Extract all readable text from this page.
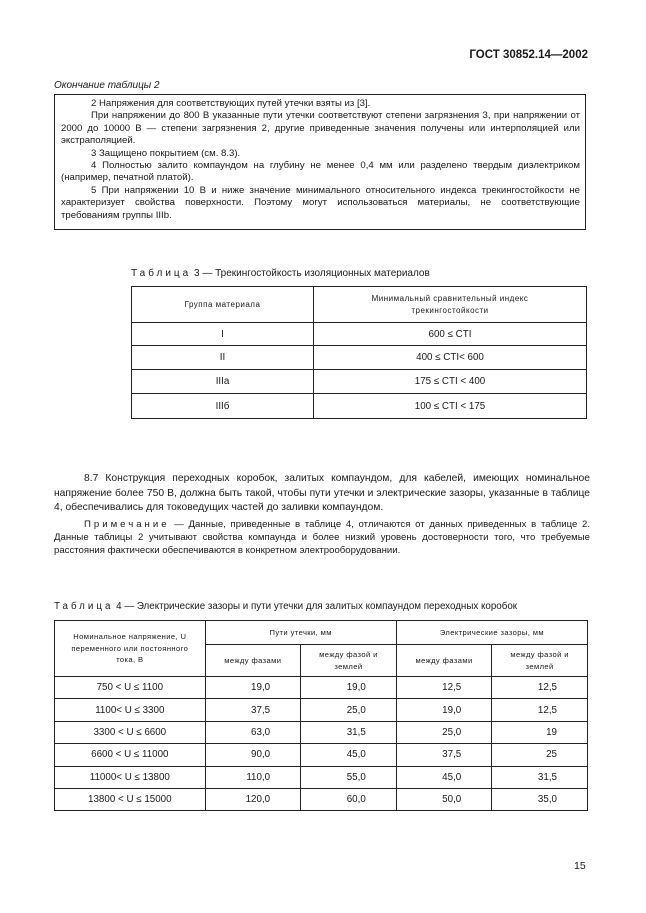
ГОСТ 30852.14—2002
Окончание таблицы 2

2 Напряжения для соответствующих путей утечки взяты из [3].

При напряжении до 800 В указанные пути утечки соответствуют степени загрязнения 3, при напряжении от 2000 до 10000 В — степени загрязнения 2, другие приведенные значения получены или интерполяцией или экстраполяцией.

3 Защищено покрытием (см. 8.3).

4 Полностью залито компаундом на глубину не менее 0,4 мм или разделено твердым диэлектриком (например, печатной платой).

5 При напряжении 10 В и ниже значение минимального относительного индекса трекингостойкости не характеризует свойства поверхности. Поэтому могут использоваться материалы, не соответствующие требованиям группы IIIb.

Таблица 3 — Трекингостойкость изоляционных материалов
Группа материала	Минимальный сравнительный индекс трекингостойкости
I	600 ≤ CTI
II	400 ≤ CTI< 600
IIIa	175 ≤ CTI < 400
IIIб	100 ≤ CTI < 175
8.7 Конструкция переходных коробок, залитых компаундом, для кабелей, имеющих номинальное напряжение более 750 В, должна быть такой, чтобы пути утечки и электрические зазоры, указанные в таблице 4, обеспечивались для токоведущих частей до заливки компаундом.
Примечание — Данные, приведенные в таблице 4, отличаются от данных приведенных в таблице 2. Данные таблицы 2 учитывают свойства компаунда и более низкий уровень достоверности того, что требуемые расстояния фактически обеспечиваются в конкретном электрооборудовании.
Таблица 4 — Электрические зазоры и пути утечки для залитых компаундом переходных коробок
Номинальное напряжение, U переменного или постоянного тока, В	Пути утечки, мм		Электрические зазоры, мм	
	между фазами	между фазой и землей	между фазами	между фазой и землей
750 < U ≤ 1100	19,0	19,0	12,5	12,5
1100< U ≤ 3300	37,5	25,0	19,0	12,5
3300 < U ≤ 6600	63,0	31,5	25,0	19
6600 < U ≤ 11000	90,0	45,0	37,5	25
11000< U ≤ 13800	110,0	55,0	45,0	31,5
13800 < U ≤ 15000	120,0	60,0	50,0	35,0
15
